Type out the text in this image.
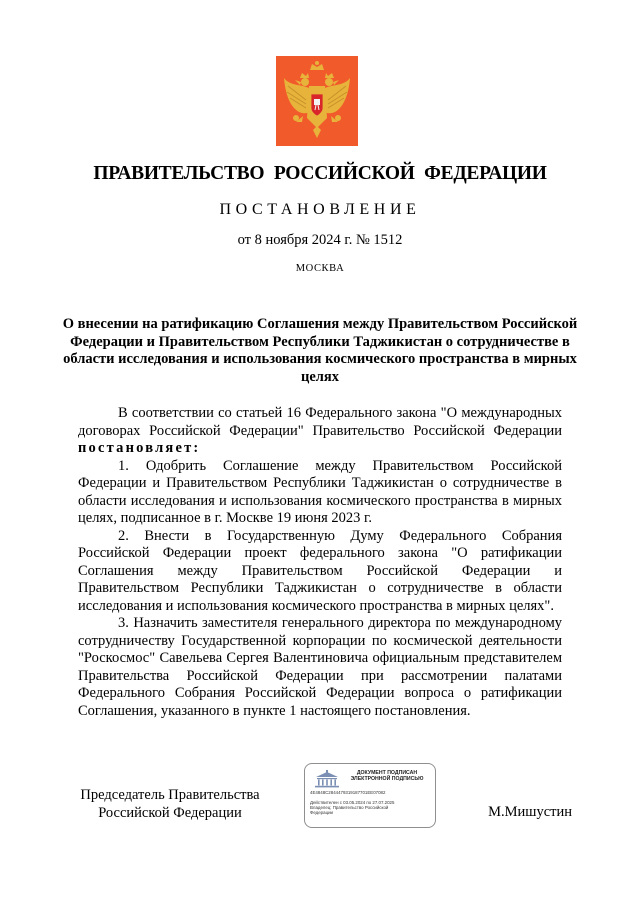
ПРАВИТЕЛЬСТВО РОССИЙСКОЙ ФЕДЕРАЦИИ
ПОСТАНОВЛЕНИЕ
от 8 ноября 2024 г. № 1512
МОСКВА
О внесении на ратификацию Соглашения между Правительством Российской Федерации и Правительством Республики Таджикистан о сотрудничестве в области исследования и использования космического пространства в мирных целях

В соответствии со статьей 16 Федерального закона "О международных договорах Российской Федерации" Правительство Российской Федерации постановляет:

1. Одобрить Соглашение между Правительством Российской Федерации и Правительством Республики Таджикистан о сотрудничестве в области исследования и использования космического пространства в мирных целях, подписанное в г. Москве 19 июня 2023 г.

2. Внести в Государственную Думу Федерального Собрания Российской Федерации проект федерального закона "О ратификации Соглашения между Правительством Российской Федерации и Правительством Республики Таджикистан о сотрудничестве в области исследования и использования космического пространства в мирных целях".

3. Назначить заместителя генерального директора по международному сотрудничеству Государственной корпорации по космической деятельности "Роскосмос" Савельева Сергея Валентиновича официальным представителем Правительства Российской Федерации при рассмотрении палатами Федерального Собрания Российской Федерации вопроса о ратификации Соглашения, указанного в пункте 1 настоящего постановления.

Председатель Правительства
Российской Федерации
ДОКУМЕНТ ПОДПИСАН
ЭЛЕКТРОННОЙ ПОДПИСЬЮ
4E4848C2844479319187701EE07082
Действителен с 03.05.2024 по 27.07.2025
Владелец: Правительство Российской
Федерации	М.Мишустин
